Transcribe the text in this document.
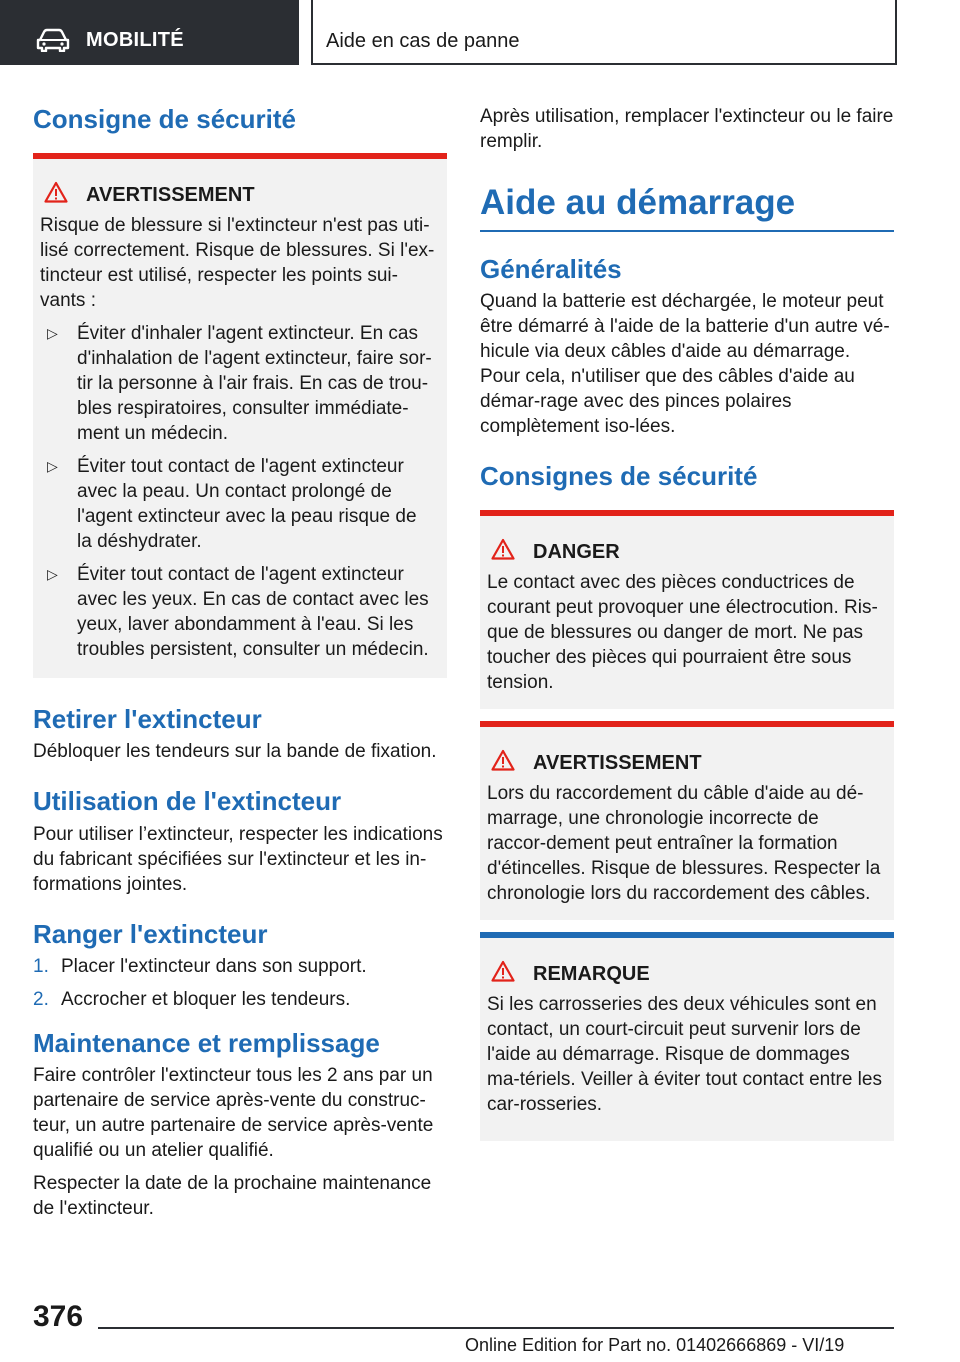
MOBILITÉ	Aide en cas de panne
Consigne de sécurité
AVERTISSEMENT

Risque de blessure si l'extincteur n'est pas uti-lisé correctement. Risque de blessures. Si l'ex-tincteur est utilisé, respecter les points sui-vants :

▷ Éviter d'inhaler l'agent extincteur. En cas d'inhalation de l'agent extincteur, faire sor-tir la personne à l'air frais. En cas de trou-bles respiratoires, consulter immédiate-ment un médecin.
▷ Éviter tout contact de l'agent extincteur avec la peau. Un contact prolongé de l'agent extincteur avec la peau risque de la déshydrater.
▷ Éviter tout contact de l'agent extincteur avec les yeux. En cas de contact avec les yeux, laver abondamment à l'eau. Si les troubles persistent, consulter un médecin.
Retirer l'extincteur

Débloquer les tendeurs sur la bande de fixation.

Utilisation de l'extincteur

Pour utiliser l’extincteur, respecter les indications du fabricant spécifiées sur l'extincteur et les in-formations jointes.

Ranger l'extincteur
1. Placer l'extincteur dans son support.
2. Accrocher et bloquer les tendeurs.
Maintenance et remplissage

Faire contrôler l'extincteur tous les 2 ans par un partenaire de service après-vente du construc-teur, un autre partenaire de service après-vente qualifié ou un atelier qualifié.

Respecter la date de la prochaine maintenance de l'extincteur.

Après utilisation, remplacer l'extincteur ou le faire remplir.

Aide au démarrage
Généralités

Quand la batterie est déchargée, le moteur peut être démarré à l'aide de la batterie d'un autre vé-hicule via deux câbles d'aide au démarrage. Pour cela, n'utiliser que des câbles d'aide au démar-rage avec des pinces polaires complètement iso-lées.

Consignes de sécurité
DANGER

Le contact avec des pièces conductrices de courant peut provoquer une électrocution. Ris-que de blessures ou danger de mort. Ne pas toucher des pièces qui pourraient être sous tension.

AVERTISSEMENT

Lors du raccordement du câble d'aide au dé-marrage, une chronologie incorrecte de raccor-dement peut entraîner la formation d'étincelles. Risque de blessures. Respecter la chronologie lors du raccordement des câbles.

REMARQUE

Si les carrosseries des deux véhicules sont en contact, un court-circuit peut survenir lors de l'aide au démarrage. Risque de dommages ma-tériels. Veiller à éviter tout contact entre les car-rosseries.

376
Online Edition for Part no. 01402666869 - VI/19
